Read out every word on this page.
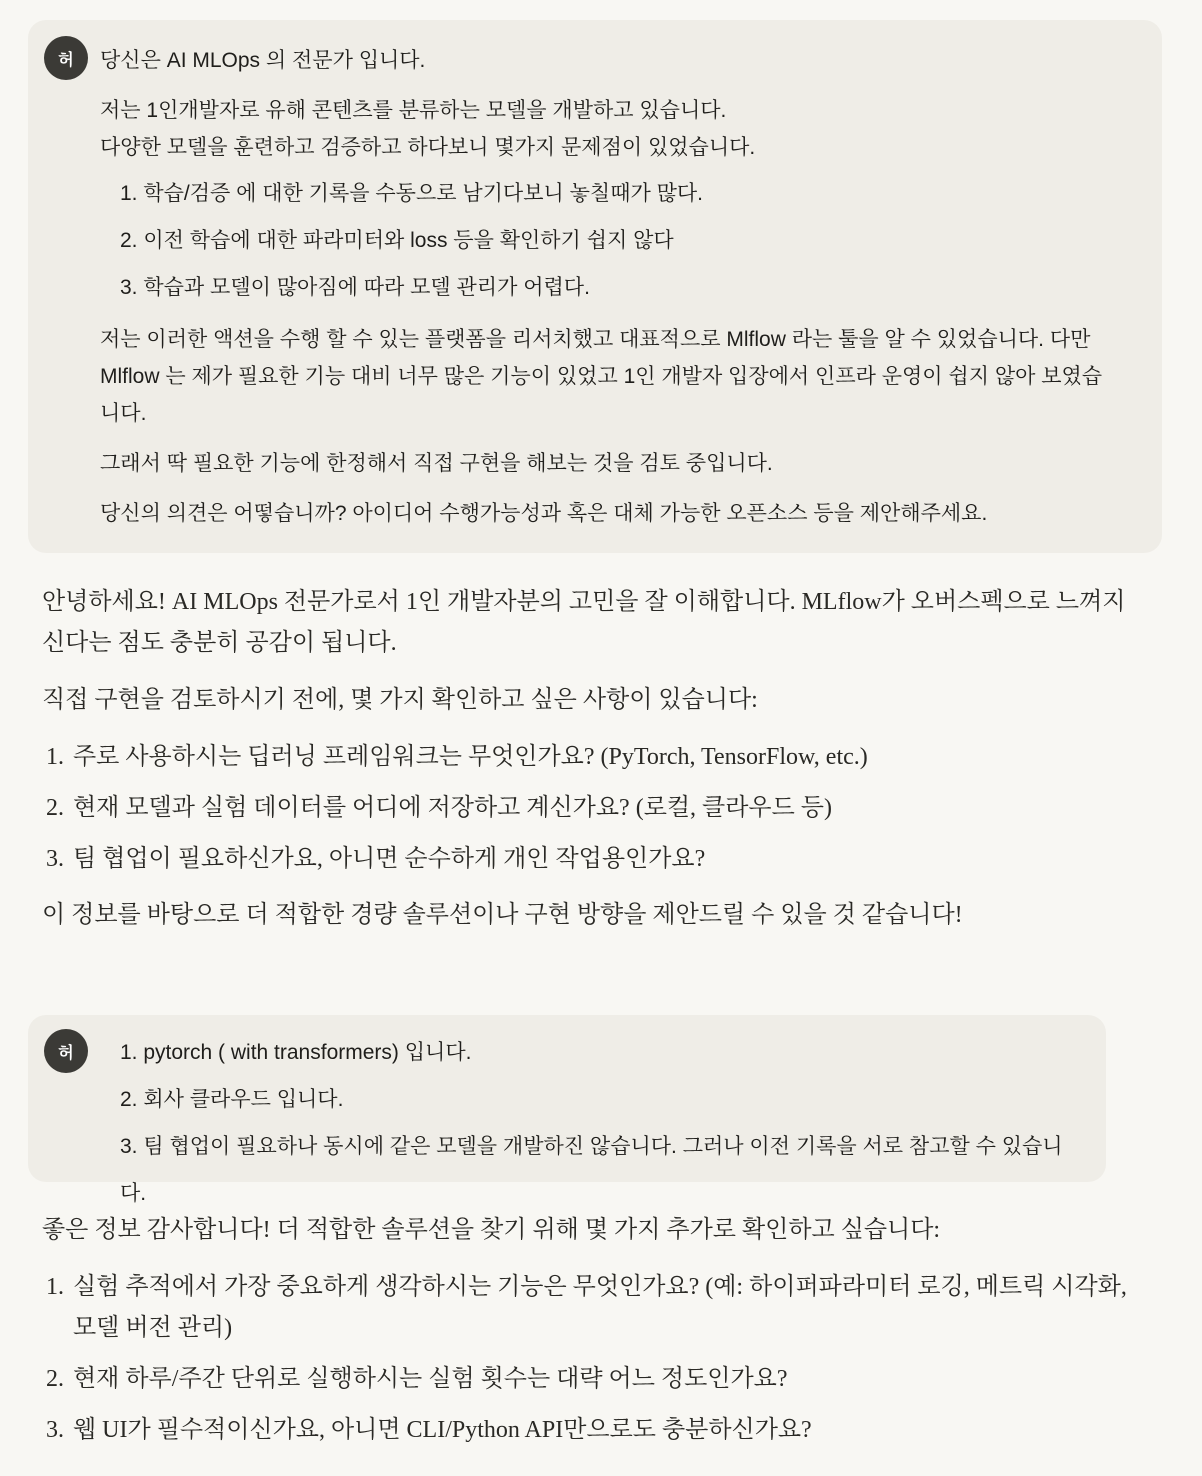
허	당신은 AI MLOps 의 전문가 입니다.

저는 1인개발자로 유해 콘텐츠를 분류하는 모델을 개발하고 있습니다.

다양한 모델을 훈련하고 검증하고 하다보니 몇가지 문제점이 있었습니다.

1. 학습/검증 에 대한 기록을 수동으로 남기다보니 놓칠때가 많다.
2. 이전 학습에 대한 파라미터와 loss 등을 확인하기 쉽지 않다
3. 학습과 모델이 많아짐에 따라 모델 관리가 어렵다.

저는 이러한 액션을 수행 할 수 있는 플랫폼을 리서치했고 대표적으로 Mlflow 라는 툴을 알 수 있었습니다. 다만 Mlflow 는 제가 필요한 기능 대비 너무 많은 기능이 있었고 1인 개발자 입장에서 인프라 운영이 쉽지 않아 보였습니다.

그래서 딱 필요한 기능에 한정해서 직접 구현을 해보는 것을 검토 중입니다.

당신의 의견은 어떻습니까? 아이디어 수행가능성과 혹은 대체 가능한 오픈소스 등을 제안해주세요.

안녕하세요! AI MLOps 전문가로서 1인 개발자분의 고민을 잘 이해합니다. MLflow가 오버스펙으로 느껴지신다는 점도 충분히 공감이 됩니다.

직접 구현을 검토하시기 전에, 몇 가지 확인하고 싶은 사항이 있습니다:

1. 주로 사용하시는 딥러닝 프레임워크는 무엇인가요? (PyTorch, TensorFlow, etc.)
2. 현재 모델과 실험 데이터를 어디에 저장하고 계신가요? (로컬, 클라우드 등)
3. 팀 협업이 필요하신가요, 아니면 순수하게 개인 작업용인가요?

이 정보를 바탕으로 더 적합한 경량 솔루션이나 구현 방향을 제안드릴 수 있을 것 같습니다!

허	1. pytorch ( with transformers) 입니다.
2. 회사 클라우드 입니다.
3. 팀 협업이 필요하나 동시에 같은 모델을 개발하진 않습니다. 그러나 이전 기록을 서로 참고할 수 있습니다.

좋은 정보 감사합니다! 더 적합한 솔루션을 찾기 위해 몇 가지 추가로 확인하고 싶습니다:

1. 실험 추적에서 가장 중요하게 생각하시는 기능은 무엇인가요? (예: 하이퍼파라미터 로깅, 메트릭 시각화, 모델 버전 관리)
2. 현재 하루/주간 단위로 실행하시는 실험 횟수는 대략 어느 정도인가요?
3. 웹 UI가 필수적이신가요, 아니면 CLI/Python API만으로도 충분하신가요?
